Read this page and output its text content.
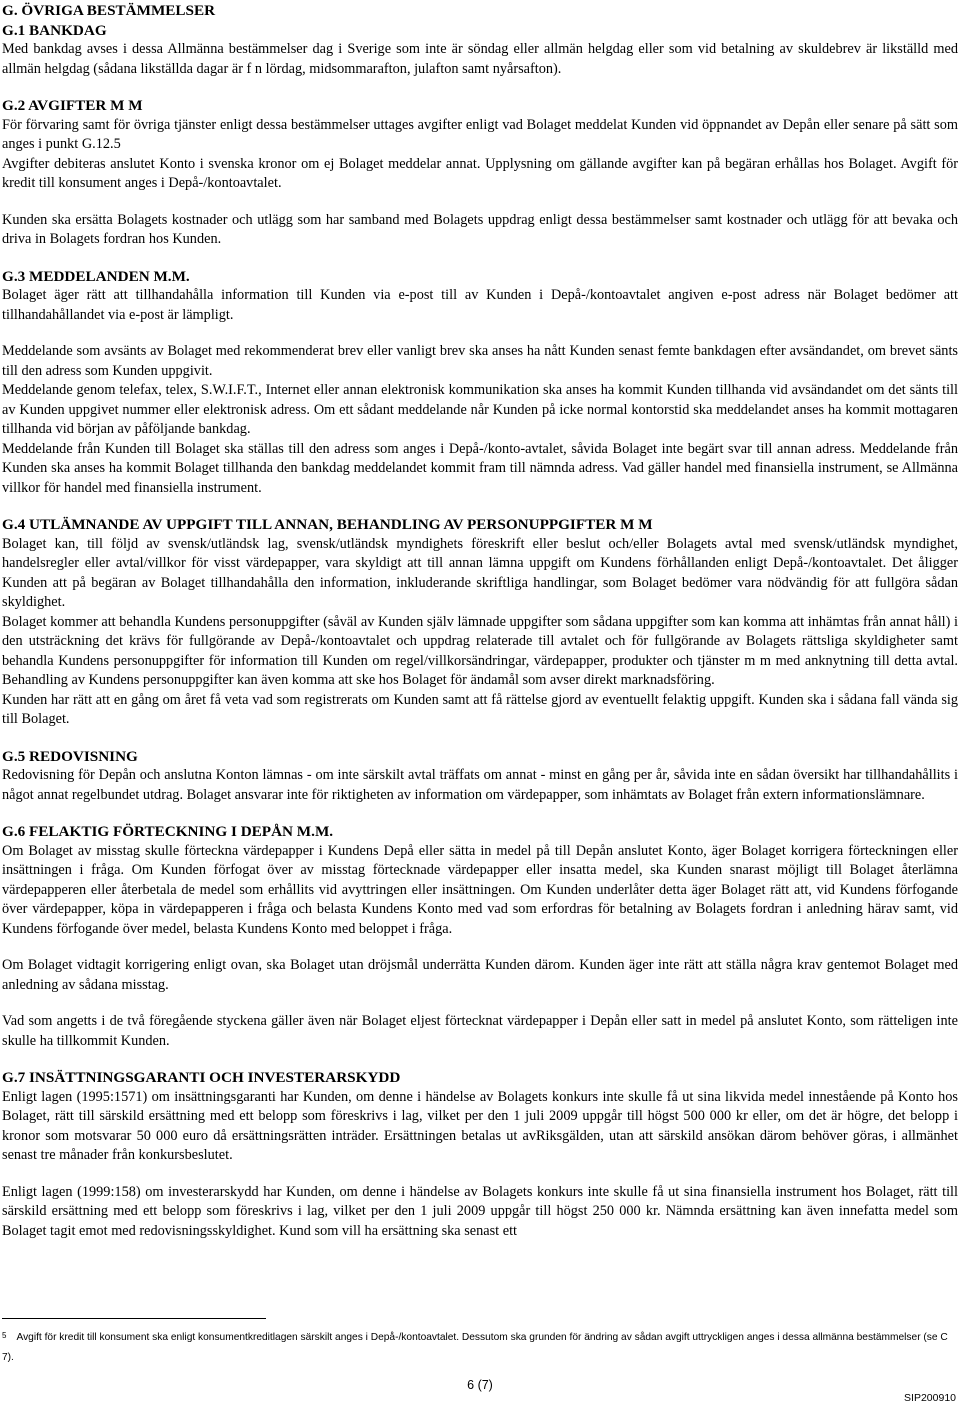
G. ÖVRIGA BESTÄMMELSER
G.1 BANKDAG
Med bankdag avses i dessa Allmänna bestämmelser dag i Sverige som inte är söndag eller allmän helgdag eller som vid betalning av skuldebrev är likställd med allmän helgdag (sådana likställda dagar är f n lördag, midsommarafton, julafton samt nyårsafton).
G.2 AVGIFTER M M
För förvaring samt för övriga tjänster enligt dessa bestämmelser uttages avgifter enligt vad Bolaget meddelat Kunden vid öppnandet av Depån eller senare på sätt som anges i punkt G.12.5
Avgifter debiteras anslutet Konto i svenska kronor om ej Bolaget meddelar annat. Upplysning om gällande avgifter kan på begäran erhållas hos Bolaget. Avgift för kredit till konsument anges i Depå-/kontoavtalet.
Kunden ska ersätta Bolagets kostnader och utlägg som har samband med Bolagets uppdrag enligt dessa bestämmelser samt kostnader och utlägg för att bevaka och driva in Bolagets fordran hos Kunden.
G.3 MEDDELANDEN M.M.
Bolaget äger rätt att tillhandahålla information till Kunden via e-post till av Kunden i Depå-/kontoavtalet angiven e-post adress när Bolaget bedömer att tillhandahållandet via e-post är lämpligt.
Meddelande som avsänts av Bolaget med rekommenderat brev eller vanligt brev ska anses ha nått Kunden senast femte bankdagen efter avsändandet, om brevet sänts till den adress som Kunden uppgivit.
Meddelande genom telefax, telex, S.W.I.F.T., Internet eller annan elektronisk kommunikation ska anses ha kommit Kunden tillhanda vid avsändandet om det sänts till av Kunden uppgivet nummer eller elektronisk adress. Om ett sådant meddelande når Kunden på icke normal kontorstid ska meddelandet anses ha kommit mottagaren tillhanda vid början av påföljande bankdag.
Meddelande från Kunden till Bolaget ska ställas till den adress som anges i Depå-/konto-avtalet, såvida Bolaget inte begärt svar till annan adress. Meddelande från Kunden ska anses ha kommit Bolaget tillhanda den bankdag meddelandet kommit fram till nämnda adress. Vad gäller handel med finansiella instrument, se Allmänna villkor för handel med finansiella instrument.
G.4 UTLÄMNANDE AV UPPGIFT TILL ANNAN, BEHANDLING AV PERSONUPPGIFTER M M
Bolaget kan, till följd av svensk/utländsk lag, svensk/utländsk myndighets föreskrift eller beslut och/eller Bolagets avtal med svensk/utländsk myndighet, handelsregler eller avtal/villkor för visst värdepapper, vara skyldigt att till annan lämna uppgift om Kundens förhållanden enligt Depå-/kontoavtalet. Det åligger Kunden att på begäran av Bolaget tillhandahålla den information, inkluderande skriftliga handlingar, som Bolaget bedömer vara nödvändig för att fullgöra sådan skyldighet.
Bolaget kommer att behandla Kundens personuppgifter (såväl av Kunden själv lämnade uppgifter som sådana uppgifter som kan komma att inhämtas från annat håll) i den utsträckning det krävs för fullgörande av Depå-/kontoavtalet och uppdrag relaterade till avtalet och för fullgörande av Bolagets rättsliga skyldigheter samt behandla Kundens personuppgifter för information till Kunden om regel/villkorsändringar, värdepapper, produkter och tjänster m m med anknytning till detta avtal. Behandling av Kundens personuppgifter kan även komma att ske hos Bolaget för ändamål som avser direkt marknadsföring.
Kunden har rätt att en gång om året få veta vad som registrerats om Kunden samt att få rättelse gjord av eventuellt felaktig uppgift. Kunden ska i sådana fall vända sig till Bolaget.
G.5 REDOVISNING
Redovisning för Depån och anslutna Konton lämnas - om inte särskilt avtal träffats om annat - minst en gång per år, såvida inte en sådan översikt har tillhandahållits i något annat regelbundet utdrag. Bolaget ansvarar inte för riktigheten av information om värdepapper, som inhämtats av Bolaget från extern informationslämnare.
G.6 FELAKTIG FÖRTECKNING I DEPÅN M.M.
Om Bolaget av misstag skulle förteckna värdepapper i Kundens Depå eller sätta in medel på till Depån anslutet Konto, äger Bolaget korrigera förteckningen eller insättningen i fråga. Om Kunden förfogat över av misstag förtecknade värdepapper eller insatta medel, ska Kunden snarast möjligt till Bolaget återlämna värdepapperen eller återbetala de medel som erhållits vid avyttringen eller insättningen. Om Kunden underlåter detta äger Bolaget rätt att, vid Kundens förfogande över värdepapper, köpa in värdepapperen i fråga och belasta Kundens Konto med vad som erfordras för betalning av Bolagets fordran i anledning härav samt, vid Kundens förfogande över medel, belasta Kundens Konto med beloppet i fråga.
Om Bolaget vidtagit korrigering enligt ovan, ska Bolaget utan dröjsmål underrätta Kunden därom. Kunden äger inte rätt att ställa några krav gentemot Bolaget med anledning av sådana misstag.
Vad som angetts i de två föregående styckena gäller även när Bolaget eljest förtecknat värdepapper i Depån eller satt in medel på anslutet Konto, som rätteligen inte skulle ha tillkommit Kunden.
G.7 INSÄTTNINGSGARANTI OCH INVESTERARSKYDD
Enligt lagen (1995:1571) om insättningsgaranti har Kunden, om denne i händelse av Bolagets konkurs inte skulle få ut sina likvida medel innestående på Konto hos Bolaget, rätt till särskild ersättning med ett belopp som föreskrivs i lag, vilket per den 1 juli 2009 uppgår till högst 500 000 kr eller, om det är högre, det belopp i kronor som motsvarar 50 000 euro då ersättningsrätten inträder. Ersättningen betalas ut avRiksgälden, utan att särskild ansökan därom behöver göras, i allmänhet senast tre månader från konkursbeslutet.
Enligt lagen (1999:158) om investerarskydd har Kunden, om denne i händelse av Bolagets konkurs inte skulle få ut sina finansiella instrument hos Bolaget, rätt till särskild ersättning med ett belopp som föreskrivs i lag, vilket per den 1 juli 2009 uppgår till högst 250 000 kr. Nämnda ersättning kan även innefatta medel som Bolaget tagit emot med redovisningsskyldighet. Kund som vill ha ersättning ska senast ett
$^5$ Avgift för kredit till konsument ska enligt konsumentkreditlagen särskilt anges i Depå-/kontoavtalet. Dessutom ska grunden för ändring av sådan avgift uttryckligen anges i dessa allmänna bestämmelser (se C 7).
6 (7)
SIP200910
